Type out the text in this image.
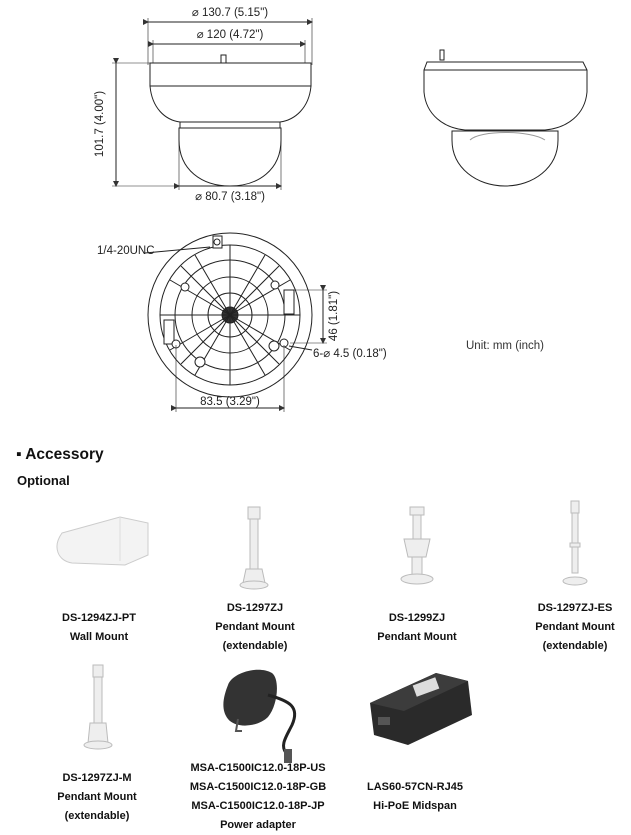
⌀ 130.7 (5.15")
⌀ 120 (4.72")
⌀ 80.7 (3.18")
101.7 (4.00")
1/4-20UNC
46 (1.81")
6-⌀ 4.5 (0.18")
83.5 (3.29")
Unit: mm (inch)
▪ Accessory
Optional
DS-1294ZJ-PT
Wall Mount
DS-1297ZJ
Pendant Mount
(extendable)
DS-1299ZJ
Pendant Mount
DS-1297ZJ-ES
Pendant Mount
(extendable)
DS-1297ZJ-M
Pendant Mount
(extendable)
MSA-C1500IC12.0-18P-US
MSA-C1500IC12.0-18P-GB
MSA-C1500IC12.0-18P-JP
Power adapter
LAS60-57CN-RJ45
Hi-PoE Midspan
